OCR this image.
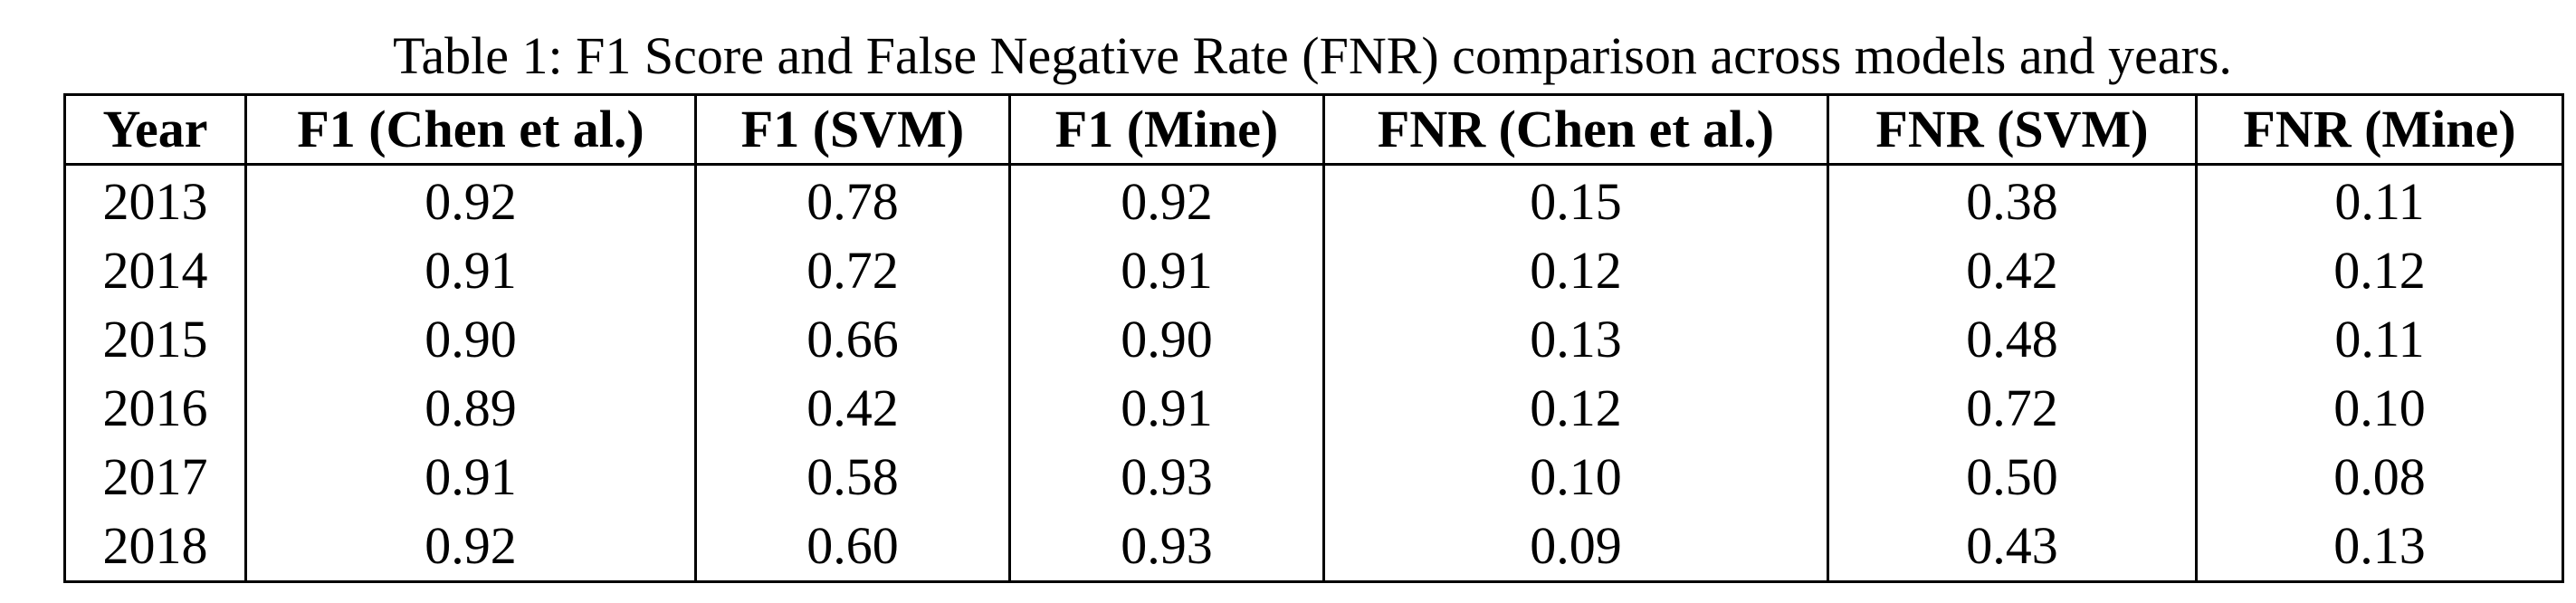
Table 1: F1 Score and False Negative Rate (FNR) comparison across models and years.
Year	F1 (Chen et al.)	F1 (SVM)	F1 (Mine)	FNR (Chen et al.)	FNR (SVM)	FNR (Mine)
2013	0.92	0.78	0.92	0.15	0.38	0.11
2014	0.91	0.72	0.91	0.12	0.42	0.12
2015	0.90	0.66	0.90	0.13	0.48	0.11
2016	0.89	0.42	0.91	0.12	0.72	0.10
2017	0.91	0.58	0.93	0.10	0.50	0.08
2018	0.92	0.60	0.93	0.09	0.43	0.13
